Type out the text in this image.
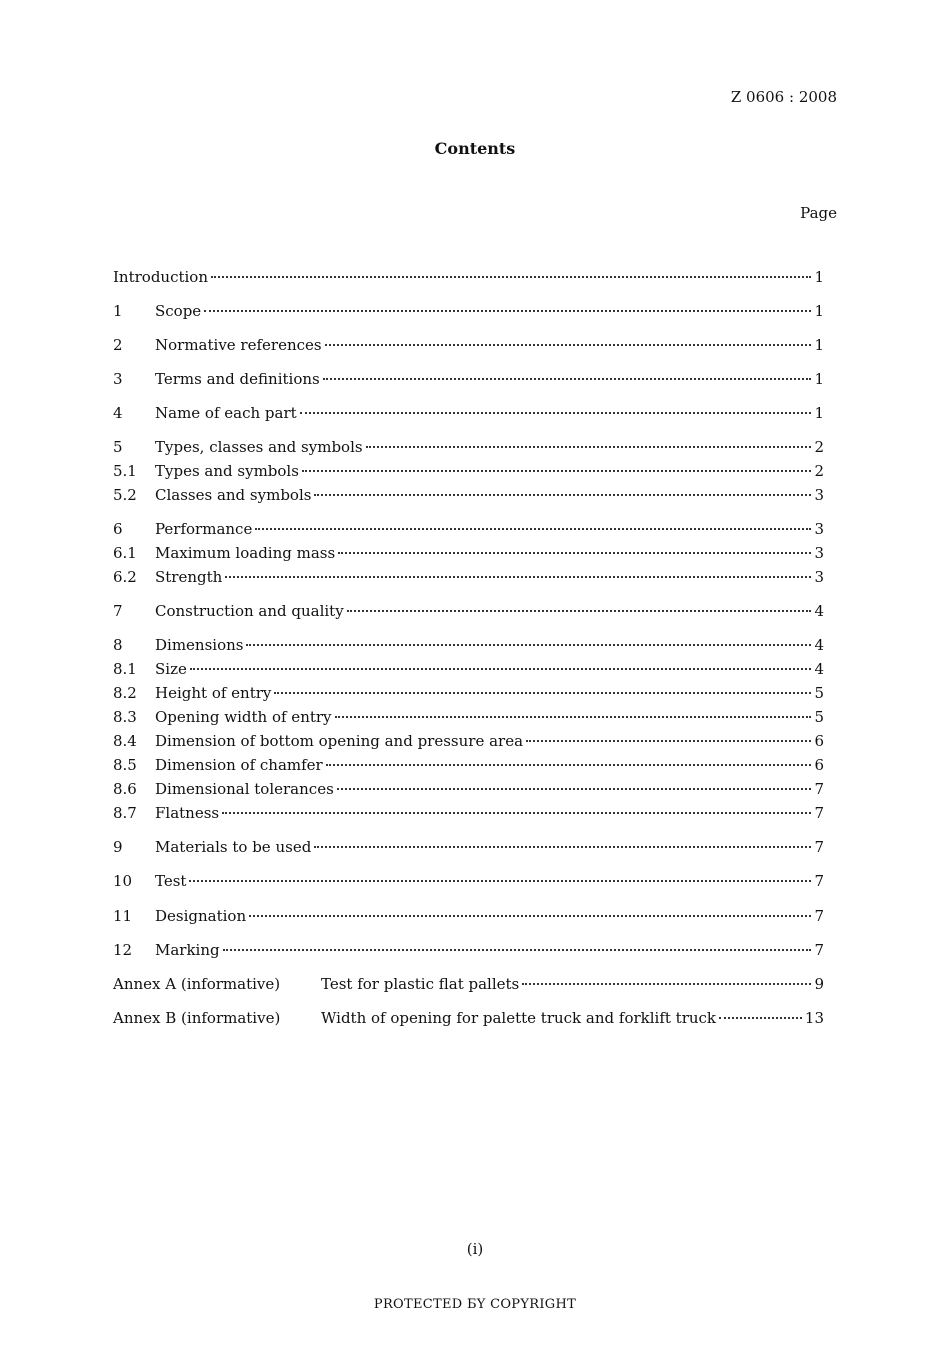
Z 0606 : 2008
Contents
Page
Introduction	1
1	Scope	1
2	Normative references	1
3	Terms and definitions	1
4	Name of each part	1
5	Types, classes and symbols	2
5.1	Types and symbols	2
5.2	Classes and symbols	3
6	Performance	3
6.1	Maximum loading mass	3
6.2	Strength	3
7	Construction and quality	4
8	Dimensions	4
8.1	Size	4
8.2	Height of entry	5
8.3	Opening width of entry	5
8.4	Dimension of bottom opening and pressure area	6
8.5	Dimension of chamfer	6
8.6	Dimensional tolerances	7
8.7	Flatness	7
9	Materials to be used	7
10	Test	7
11	Designation	7
12	Marking	7
Annex A (informative)	Test for plastic flat pallets	9
Annex B (informative)	Width of opening for palette truck and forklift truck	13
(i)
PROTECTED БY COPYRIGHT
